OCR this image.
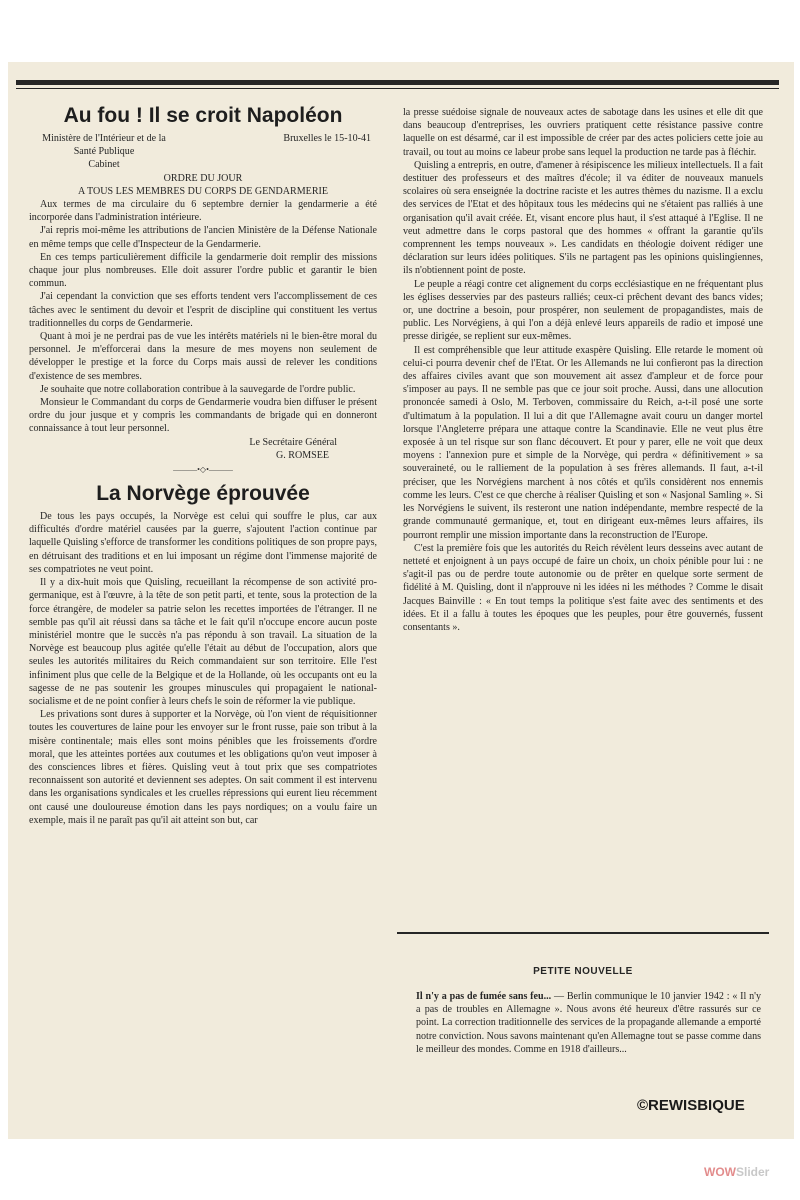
Au fou ! Il se croit Napoléon
Ministère de l'Intérieur et de la
Santé Publique
Cabinet
Bruxelles le 15-10-41

ORDRE DU JOUR

A TOUS LES MEMBRES DU CORPS DE GENDARMERIE

Aux termes de ma circulaire du 6 septembre dernier la gendarmerie a été incorporée dans l'administration intérieure.

J'ai repris moi-même les attributions de l'ancien Ministère de la Défense Nationale en même temps que celle d'Inspecteur de la Gendarmerie.

En ces temps particulièrement difficile la gendarmerie doit remplir des missions chaque jour plus nombreuses. Elle doit assurer l'ordre public et garantir le bien commun.

J'ai cependant la conviction que ses efforts tendent vers l'accomplissement de ces tâches avec le sentiment du devoir et l'esprit de discipline qui constituent les vertus traditionnelles du corps de Gendarmerie.

Quant à moi je ne perdrai pas de vue les intérêts matériels ni le bien-être moral du personnel. Je m'efforcerai dans la mesure de mes moyens non seulement de développer le prestige et la force du Corps mais aussi de relever les conditions d'existence de ses membres.

Je souhaite que notre collaboration contribue à la sauvegarde de l'ordre public.

Monsieur le Commandant du corps de Gendarmerie voudra bien diffuser le présent ordre du jour jusque et y compris les commandants de brigade qui en donneront connaissance à tout leur personnel.

Le Secrétaire Général

G. ROMSEE

———•◇•———
La Norvège éprouvée

De tous les pays occupés, la Norvège est celui qui souffre le plus, car aux difficultés d'ordre matériel causées par la guerre, s'ajoutent l'action continue par laquelle Quisling s'efforce de transformer les conditions politiques de son propre pays, en détruisant des traditions et en lui imposant un régime dont l'immense majorité de ses compatriotes ne veut point.

Il y a dix-huit mois que Quisling, recueillant la récompense de son activité pro-germanique, est à l'œuvre, à la tête de son petit parti, et tente, sous la protection de la force étrangère, de modeler sa patrie selon les recettes importées de l'étranger. Il ne semble pas qu'il ait réussi dans sa tâche et le fait qu'il n'occupe encore aucun poste ministériel montre que le succès n'a pas répondu à son travail. La situation de la Norvège est beaucoup plus agitée qu'elle l'était au début de l'occupation, alors que seules les autorités militaires du Reich commandaient sur son territoire. Elle l'est infiniment plus que celle de la Belgique et de la Hollande, où les occupants ont eu la sagesse de ne pas soutenir les groupes minuscules qui propagaient le national-socialisme et de ne point confier à leurs chefs le soin de réformer la vie publique.

Les privations sont dures à supporter et la Norvège, où l'on vient de réquisitionner toutes les couvertures de laine pour les envoyer sur le front russe, paie son tribut à la misère continentale; mais elles sont moins pénibles que les froissements d'ordre moral, que les atteintes portées aux coutumes et les obligations qu'on veut imposer à des consciences libres et fières. Quisling veut à tout prix que ses compatriotes reconnaissent son autorité et deviennent ses adeptes. On sait comment il est intervenu dans les organisations syndicales et les cruelles répressions qui eurent lieu récemment ont causé une douloureuse émotion dans les pays nordiques; on a voulu faire un exemple, mais il ne paraît pas qu'il ait atteint son but, car

la presse suédoise signale de nouveaux actes de sabotage dans les usines et elle dit que dans beaucoup d'entreprises, les ouvriers pratiquent cette résistance passive contre laquelle on est désarmé, car il est impossible de créer par des actes policiers cette joie au travail, ou tout au moins ce labeur probe sans lequel la production ne tarde pas à fléchir.

Quisling a entrepris, en outre, d'amener à résipiscence les milieux intellectuels. Il a fait destituer des professeurs et des maîtres d'école; il va éditer de nouveaux manuels scolaires où sera enseignée la doctrine raciste et les autres thèmes du nazisme. Il a exclu des services de l'Etat et des hôpitaux tous les médecins qui ne s'étaient pas ralliés à une organisation qu'il avait créée. Et, visant encore plus haut, il s'est attaqué à l'Eglise. Il ne veut admettre dans le corps pastoral que des hommes « offrant la garantie qu'ils comprennent les temps nouveaux ». Les candidats en théologie doivent rédiger une déclaration sur leurs idées politiques. S'ils ne partagent pas les opinions quislingiennes, ils n'obtiennent point de poste.

Le peuple a réagi contre cet alignement du corps ecclésiastique en ne fréquentant plus les églises desservies par des pasteurs ralliés; ceux-ci prêchent devant des bancs vides; or, une doctrine a besoin, pour prospérer, non seulement de propagandistes, mais de public. Les Norvégiens, à qui l'on a déjà enlevé leurs appareils de radio et imposé une presse dirigée, se replient sur eux-mêmes.

Il est compréhensible que leur attitude exaspère Quisling. Elle retarde le moment où celui-ci pourra devenir chef de l'Etat. Or les Allemands ne lui confieront pas la direction des affaires civiles avant que son mouvement ait assez d'ampleur et de force pour s'imposer au pays. Il ne semble pas que ce jour soit proche. Aussi, dans une allocution prononcée samedi à Oslo, M. Terboven, commissaire du Reich, a-t-il posé une sorte d'ultimatum à la population. Il lui a dit que l'Allemagne avait couru un danger mortel lorsque l'Angleterre prépara une attaque contre la Scandinavie. Elle ne veut plus être exposée à un tel risque sur son flanc découvert. Et pour y parer, elle ne voit que deux moyens : l'annexion pure et simple de la Norvège, qui perdra « définitivement » sa souveraineté, ou le ralliement de la population à ses frères allemands. Il faut, a-t-il préciser, que les Norvégiens marchent à nos côtés et qu'ils considèrent nos ennemis comme les leurs. C'est ce que cherche à réaliser Quisling et son « Nasjonal Samling ». Si les Norvégiens le suivent, ils resteront une nation indépendante, membre respecté de la grande communauté germanique, et, tout en dirigeant eux-mêmes leurs affaires, ils pourront remplir une mission importante dans la reconstruction de l'Europe.

C'est la première fois que les autorités du Reich révèlent leurs desseins avec autant de netteté et enjoignent à un pays occupé de faire un choix, un choix pénible pour lui : ne s'agit-il pas ou de perdre toute autonomie ou de prêter en quelque sorte serment de fidélité à M. Quisling, dont il n'approuve ni les idées ni les méthodes ? Comme le disait Jacques Bainville : « En tout temps la politique s'est faite avec des sentiments et des idées. Et il a fallu à toutes les époques que les peuples, pour être gouvernés, fussent consentants ».

PETITE NOUVELLE

Il n'y a pas de fumée sans feu... — Berlin communique le 10 janvier 1942 : « Il n'y a pas de troubles en Allemagne ». Nous avons été heureux d'être rassurés sur ce point. La correction traditionnelle des services de la propagande allemande a emporté notre conviction. Nous savons maintenant qu'en Allemagne tout se passe comme dans le meilleur des mondes. Comme en 1918 d'ailleurs...

©REWISBIQUE
WOWSlider
